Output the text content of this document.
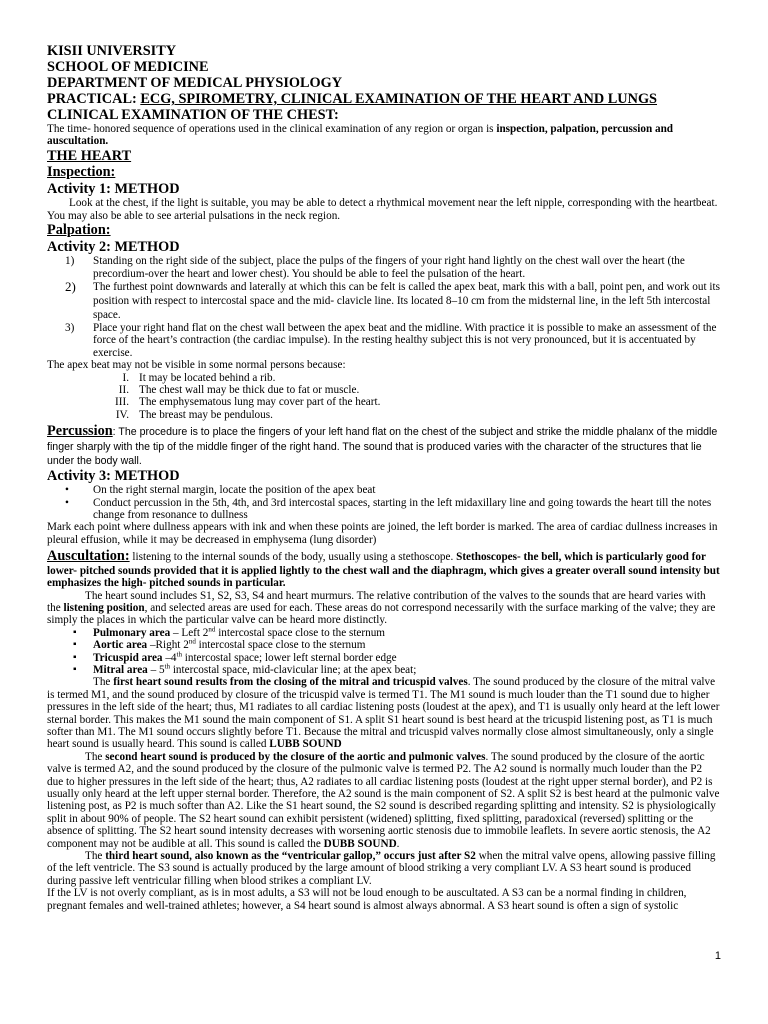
KISII UNIVERSITY

SCHOOL OF MEDICINE

DEPARTMENT OF MEDICAL PHYSIOLOGY

PRACTICAL: ECG, SPIROMETRY, CLINICAL EXAMINATION OF THE HEART AND LUNGS

CLINICAL EXAMINATION OF THE CHEST:

The time- honored sequence of operations used in the clinical examination of any region or organ is inspection, palpation, percussion and auscultation.

THE HEART

Inspection:

Activity 1: METHOD

Look at the chest, if the light is suitable, you may be able to detect a rhythmical movement near the left nipple, corresponding with the heartbeat. You may also be able to see arterial pulsations in the neck region.

Palpation:

Activity 2: METHOD

1) Standing on the right side of the subject, place the pulps of the fingers of your right hand lightly on the chest wall over the heart (the precordium-over the heart and lower chest). You should be able to feel the pulsation of the heart.
2) The furthest point downwards and laterally at which this can be felt is called the apex beat, mark this with a ball, point pen, and work out its position with respect to intercostal space and the mid- clavicle line. Its located 8–10 cm from the midsternal line, in the left 5th intercostal space.
3) Place your right hand flat on the chest wall between the apex beat and the midline. With practice it is possible to make an assessment of the force of the heart’s contraction (the cardiac impulse). In the resting healthy subject this is not very pronounced, but it is accentuated by exercise.

The apex beat may not be visible in some normal persons because:

I. It may be located behind a rib.
II. The chest wall may be thick due to fat or muscle.
III. The emphysematous lung may cover part of the heart.
IV. The breast may be pendulous.

Percussion: The procedure is to place the fingers of your left hand flat on the chest of the subject and strike the middle phalanx of the middle finger sharply with the tip of the middle finger of the right hand. The sound that is produced varies with the character of the structures that lie under the body wall.

Activity 3: METHOD

• On the right sternal margin, locate the position of the apex beat
• Conduct percussion in the 5th, 4th, and 3rd intercostal spaces, starting in the left midaxillary line and going towards the heart till the notes change from resonance to dullness

Mark each point where dullness appears with ink and when these points are joined, the left border is marked. The area of cardiac dullness increases in pleural effusion, while it may be decreased in emphysema (lung disorder)

Auscultation: listening to the internal sounds of the body, usually using a stethoscope. Stethoscopes- the bell, which is particularly good for lower- pitched sounds provided that it is applied lightly to the chest wall and the diaphragm, which gives a greater overall sound intensity but emphasizes the high- pitched sounds in particular.

The heart sound includes S1, S2, S3, S4 and heart murmurs. The relative contribution of the valves to the sounds that are heard varies with the listening position, and selected areas are used for each. These areas do not correspond necessarily with the surface marking of the valve; they are simply the places in which the particular valve can be heard more distinctly.

▪ Pulmonary area – Left 2nd intercostal space close to the sternum
▪ Aortic area –Right 2nd intercostal space close to the sternum
▪ Tricuspid area –4th intercostal space; lower left sternal border edge
▪ Mitral area – 5th intercostal space, mid-clavicular line; at the apex beat;

The first heart sound results from the closing of the mitral and tricuspid valves. The sound produced by the closure of the mitral valve is termed M1, and the sound produced by closure of the tricuspid valve is termed T1. The M1 sound is much louder than the T1 sound due to higher pressures in the left side of the heart; thus, M1 radiates to all cardiac listening posts (loudest at the apex), and T1 is usually only heard at the left lower sternal border. This makes the M1 sound the main component of S1. A split S1 heart sound is best heard at the tricuspid listening post, as T1 is much softer than M1. The M1 sound occurs slightly before T1. Because the mitral and tricuspid valves normally close almost simultaneously, only a single heart sound is usually heard. This sound is called LUBB SOUND

The second heart sound is produced by the closure of the aortic and pulmonic valves. The sound produced by the closure of the aortic valve is termed A2, and the sound produced by the closure of the pulmonic valve is termed P2. The A2 sound is normally much louder than the P2 due to higher pressures in the left side of the heart; thus, A2 radiates to all cardiac listening posts (loudest at the right upper sternal border), and P2 is usually only heard at the left upper sternal border. Therefore, the A2 sound is the main component of S2. A split S2 is best heard at the pulmonic valve listening post, as P2 is much softer than A2. Like the S1 heart sound, the S2 sound is described regarding splitting and intensity. S2 is physiologically split in about 90% of people. The S2 heart sound can exhibit persistent (widened) splitting, fixed splitting, paradoxical (reversed) splitting or the absence of splitting. The S2 heart sound intensity decreases with worsening aortic stenosis due to immobile leaflets. In severe aortic stenosis, the A2 component may not be audible at all. This sound is called the DUBB SOUND.

The third heart sound, also known as the “ventricular gallop,” occurs just after S2 when the mitral valve opens, allowing passive filling of the left ventricle. The S3 sound is actually produced by the large amount of blood striking a very compliant LV. A S3 heart sound is produced during passive left ventricular filling when blood strikes a compliant LV.

If the LV is not overly compliant, as is in most adults, a S3 will not be loud enough to be auscultated. A S3 can be a normal finding in children, pregnant females and well-trained athletes; however, a S4 heart sound is almost always abnormal. A S3 heart sound is often a sign of systolic

1
